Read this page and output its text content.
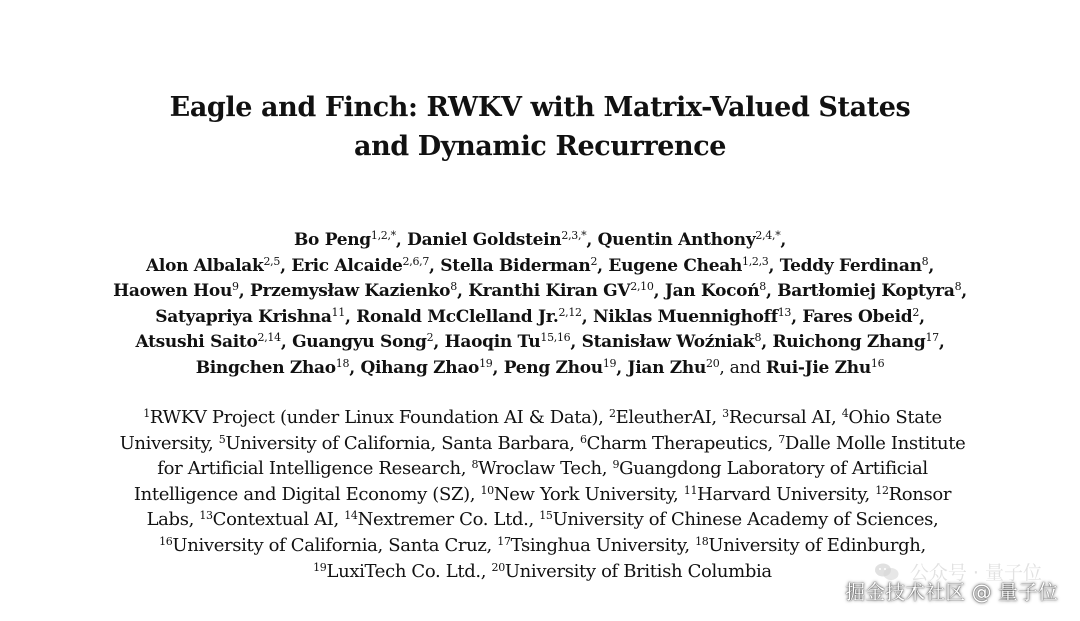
Eagle and Finch: RWKV with Matrix-Valued States
and Dynamic Recurrence
Bo Peng$^{1,2,*}$, Daniel Goldstein$^{2,3,*}$, Quentin Anthony$^{2,4,*}$,
Alon Albalak$^{2,5}$, Eric Alcaide$^{2,6,7}$, Stella Biderman$^2$, Eugene Cheah$^{1,2,3}$, Teddy Ferdinan$^8$,
Haowen Hou$^9$, Przemysław Kazienko$^8$, Kranthi Kiran GV$^{2,10}$, Jan Kocoń$^8$, Bartłomiej Koptyra$^8$,
Satyapriya Krishna$^{11}$, Ronald McClelland Jr.$^{2,12}$, Niklas Muennighoff$^{13}$, Fares Obeid$^2$,
Atsushi Saito$^{2,14}$, Guangyu Song$^2$, Haoqin Tu$^{15,16}$, Stanisław Woźniak$^8$, Ruichong Zhang$^{17}$,
Bingchen Zhao$^{18}$, Qihang Zhao$^{19}$, Peng Zhou$^{19}$, Jian Zhu$^{20}$, and Rui-Jie Zhu$^{16}$
$^1$RWKV Project (under Linux Foundation AI & Data), $^2$EleutherAI, $^3$Recursal AI, $^4$Ohio State
University, $^5$University of California, Santa Barbara, $^6$Charm Therapeutics, $^7$Dalle Molle Institute
for Artificial Intelligence Research, $^8$Wroclaw Tech, $^9$Guangdong Laboratory of Artificial
Intelligence and Digital Economy (SZ), $^{10}$New York University, $^{11}$Harvard University, $^{12}$Ronsor
Labs, $^{13}$Contextual AI, $^{14}$Nextremer Co. Ltd., $^{15}$University of Chinese Academy of Sciences,
$^{16}$University of California, Santa Cruz, $^{17}$Tsinghua University, $^{18}$University of Edinburgh,
$^{19}$LuxiTech Co. Ltd., $^{20}$University of British Columbia	公众号 · 量子位
掘金技术社区 @ 量子位
